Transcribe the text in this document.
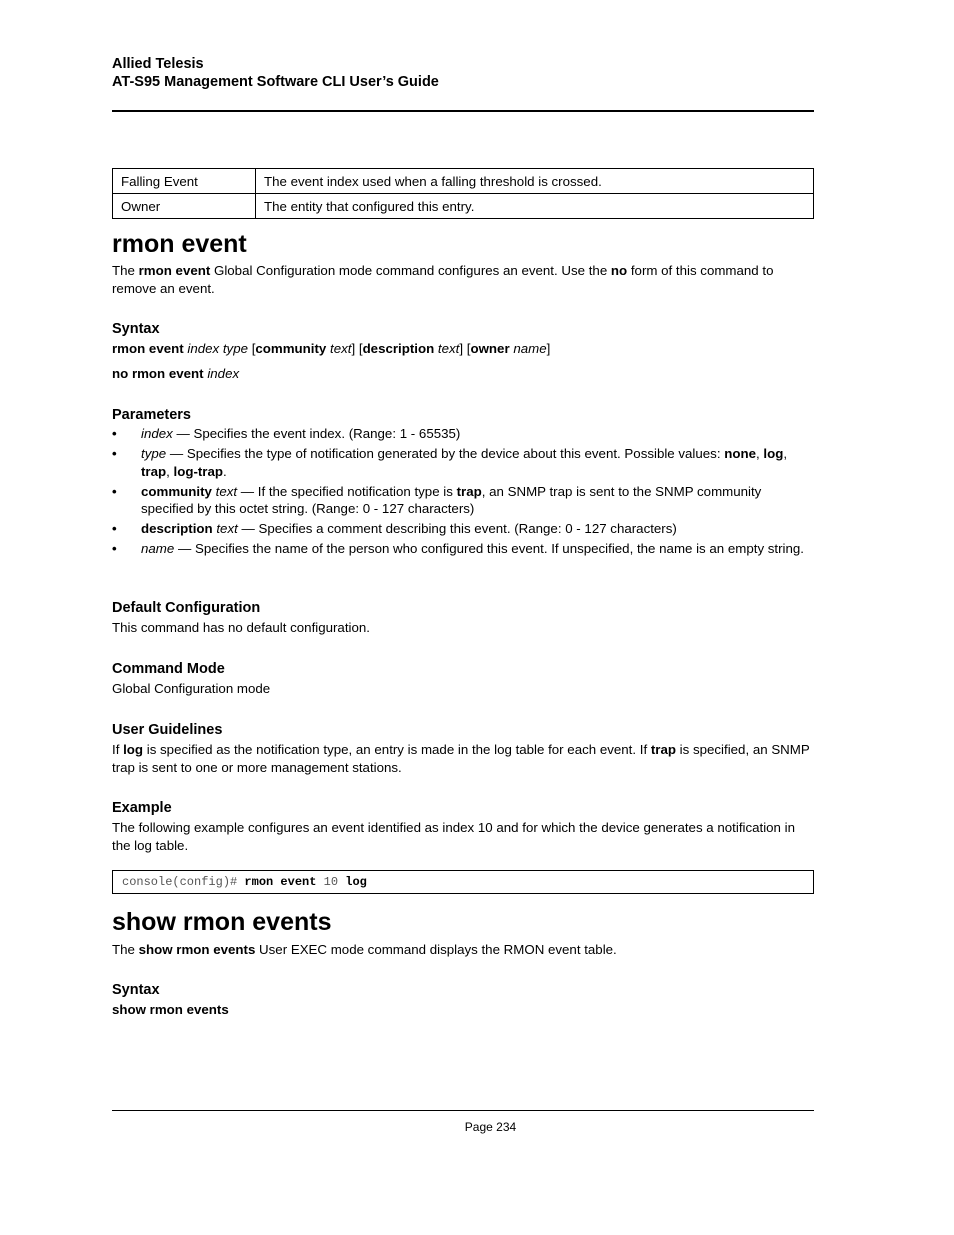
Allied Telesis
AT-S95 Management Software CLI User’s Guide
Falling Event	The event index used when a falling threshold is crossed.
Owner	The entity that configured this entry.
rmon event

The rmon event Global Configuration mode command configures an event. Use the no form of this command to remove an event.

Syntax

rmon event index type [community text] [description text] [owner name]

no rmon event index

Parameters
• index — Specifies the event index. (Range: 1 - 65535)
• type — Specifies the type of notification generated by the device about this event. Possible values: none, log, trap, log-trap.
• community text — If the specified notification type is trap, an SNMP trap is sent to the SNMP community specified by this octet string. (Range: 0 - 127 characters)
• description text — Specifies a comment describing this event. (Range: 0 - 127 characters)
• name — Specifies the name of the person who configured this event. If unspecified, the name is an empty string.
Default Configuration

This command has no default configuration.

Command Mode

Global Configuration mode

User Guidelines

If log is specified as the notification type, an entry is made in the log table for each event. If trap is specified, an SNMP trap is sent to one or more management stations.

Example

The following example configures an event identified as index 10 and for which the device generates a notification in the log table.

console(config)# rmon event 10 log
show rmon events

The show rmon events User EXEC mode command displays the RMON event table.

Syntax

show rmon events

Page 234
